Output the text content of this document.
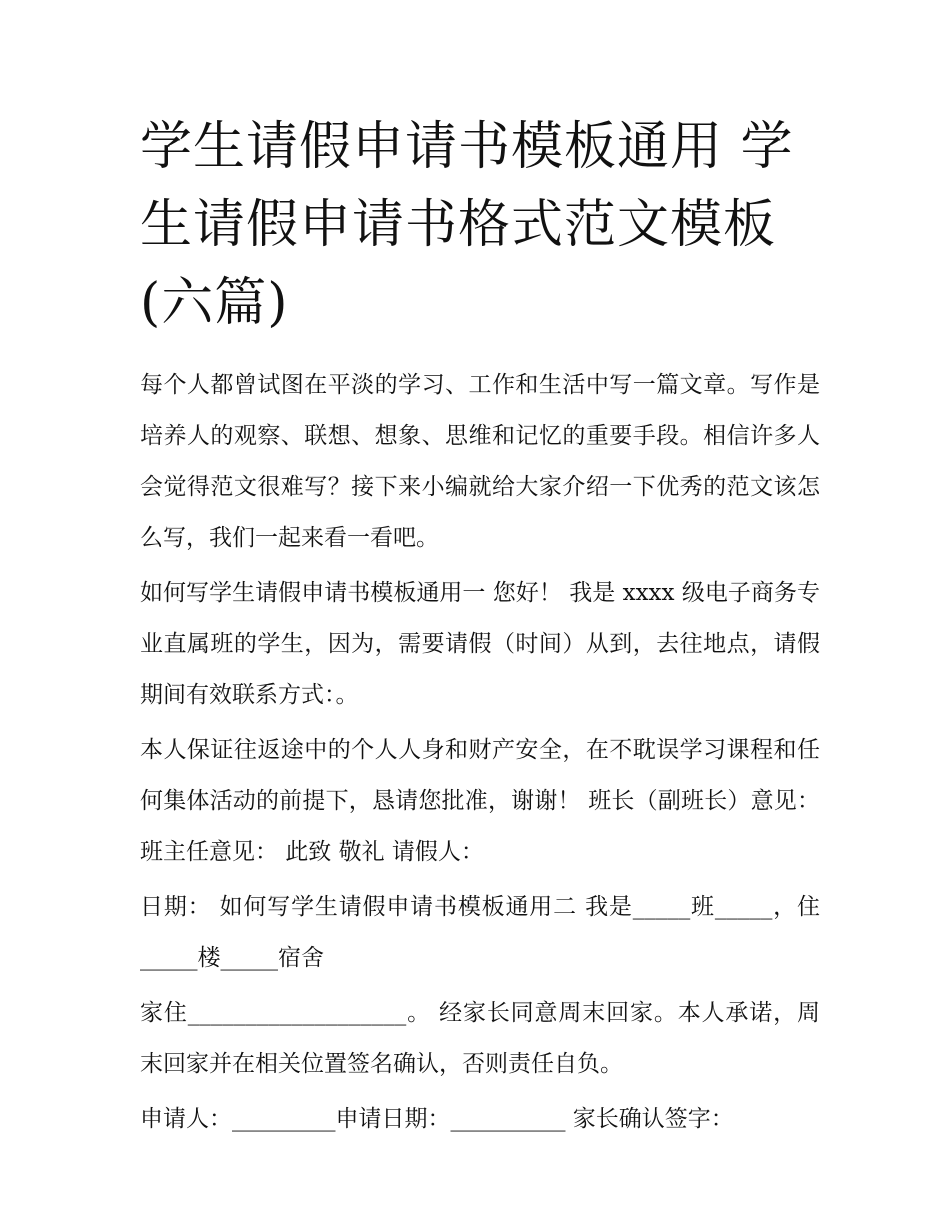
学生请假申请书模板通用 学生请假申请书格式范文模板(六篇)

每个人都曾试图在平淡的学习、工作和生活中写一篇文章。写作是培养人的观察、联想、想象、思维和记忆的重要手段。相信许多人会觉得范文很难写？接下来小编就给大家介绍一下优秀的范文该怎么写，我们一起来看一看吧。

如何写学生请假申请书模板通用一 您好！ 我是 xxxx 级电子商务专业直属班的学生，因为，需要请假（时间）从到，去往地点，请假期间有效联系方式：。

本人保证往返途中的个人人身和财产安全，在不耽误学习课程和任何集体活动的前提下，恳请您批准，谢谢！ 班长（副班长）意见： 班主任意见： 此致 敬礼 请假人：

日期： 如何写学生请假申请书模板通用二 我是_____班_____，住_____楼_____宿舍

家住___________________。 经家长同意周末回家。本人承诺，周末回家并在相关位置签名确认，否则责任自负。

申请人：_________申请日期：__________ 家长确认签字：
